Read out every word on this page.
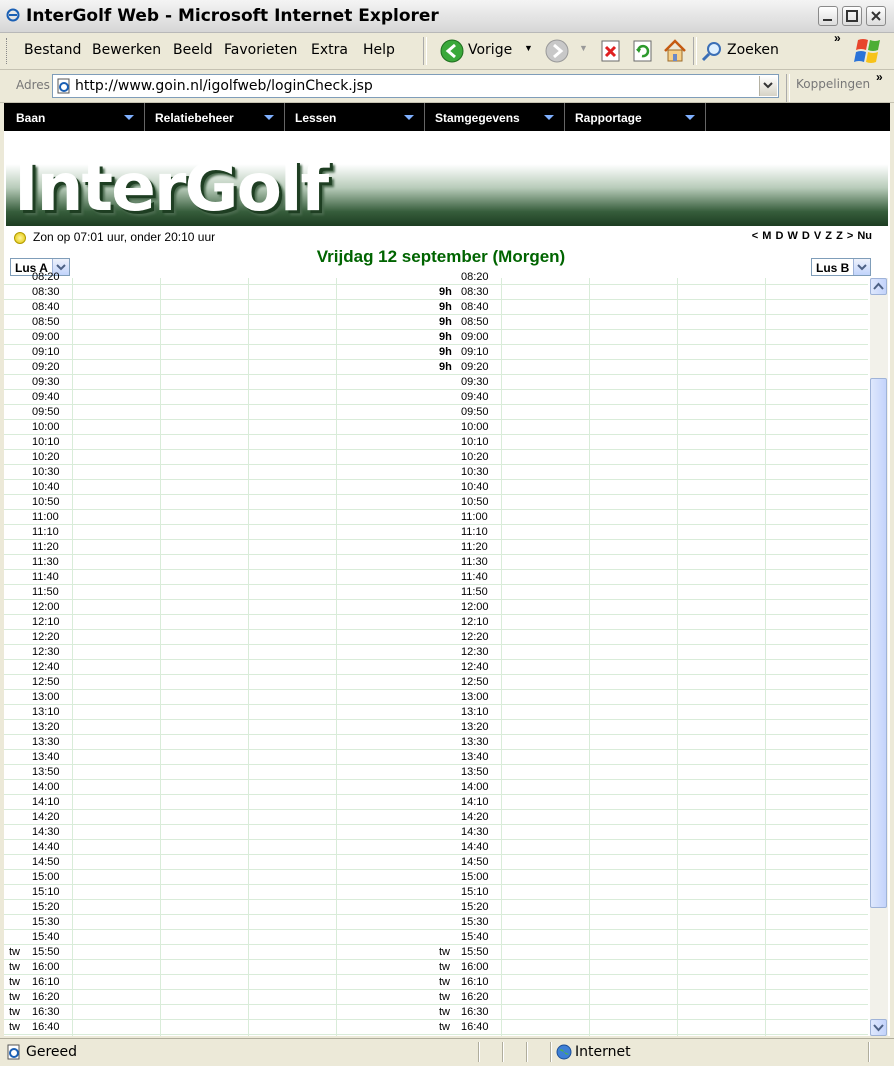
InterGolf Web - Microsoft Internet Explorer
Bestand Bewerken Beeld Favorieten Extra Help	Vorige ▼	▼	Zoeken
»
Adres http://www.goin.nl/igolfweb/loginCheck.jsp	Koppelingen »
Baan	Relatiebeheer	Lessen	Stamgegevens	Rapportage
InterGolf
Zon op 07:01 uur, onder 20:10 uur	< M D W D V Z Z > Nu
Vrijdag 12 september (Morgen)
Lus A	Lus B
08:20	08:20
08:30	9h 08:30
08:40	9h 08:40
08:50	9h 08:50
09:00	9h 09:00
09:10	9h 09:10
09:20	9h 09:20
09:30	09:30
09:40	09:40
09:50	09:50
10:00	10:00
10:10	10:10
10:20	10:20
10:30	10:30
10:40	10:40
10:50	10:50
11:00	11:00
11:10	11:10
11:20	11:20
11:30	11:30
11:40	11:40
11:50	11:50
12:00	12:00
12:10	12:10
12:20	12:20
12:30	12:30
12:40	12:40
12:50	12:50
13:00	13:00
13:10	13:10
13:20	13:20
13:30	13:30
13:40	13:40
13:50	13:50
14:00	14:00
14:10	14:10
14:20	14:20
14:30	14:30
14:40	14:40
14:50	14:50
15:00	15:00
15:10	15:10
15:20	15:20
15:30	15:30
15:40	15:40
tw 15:50	tw 15:50
tw 16:00	tw 16:00
tw 16:10	tw 16:10
tw 16:20	tw 16:20
tw 16:30	tw 16:30
tw 16:40	tw 16:40
Gereed	Internet
